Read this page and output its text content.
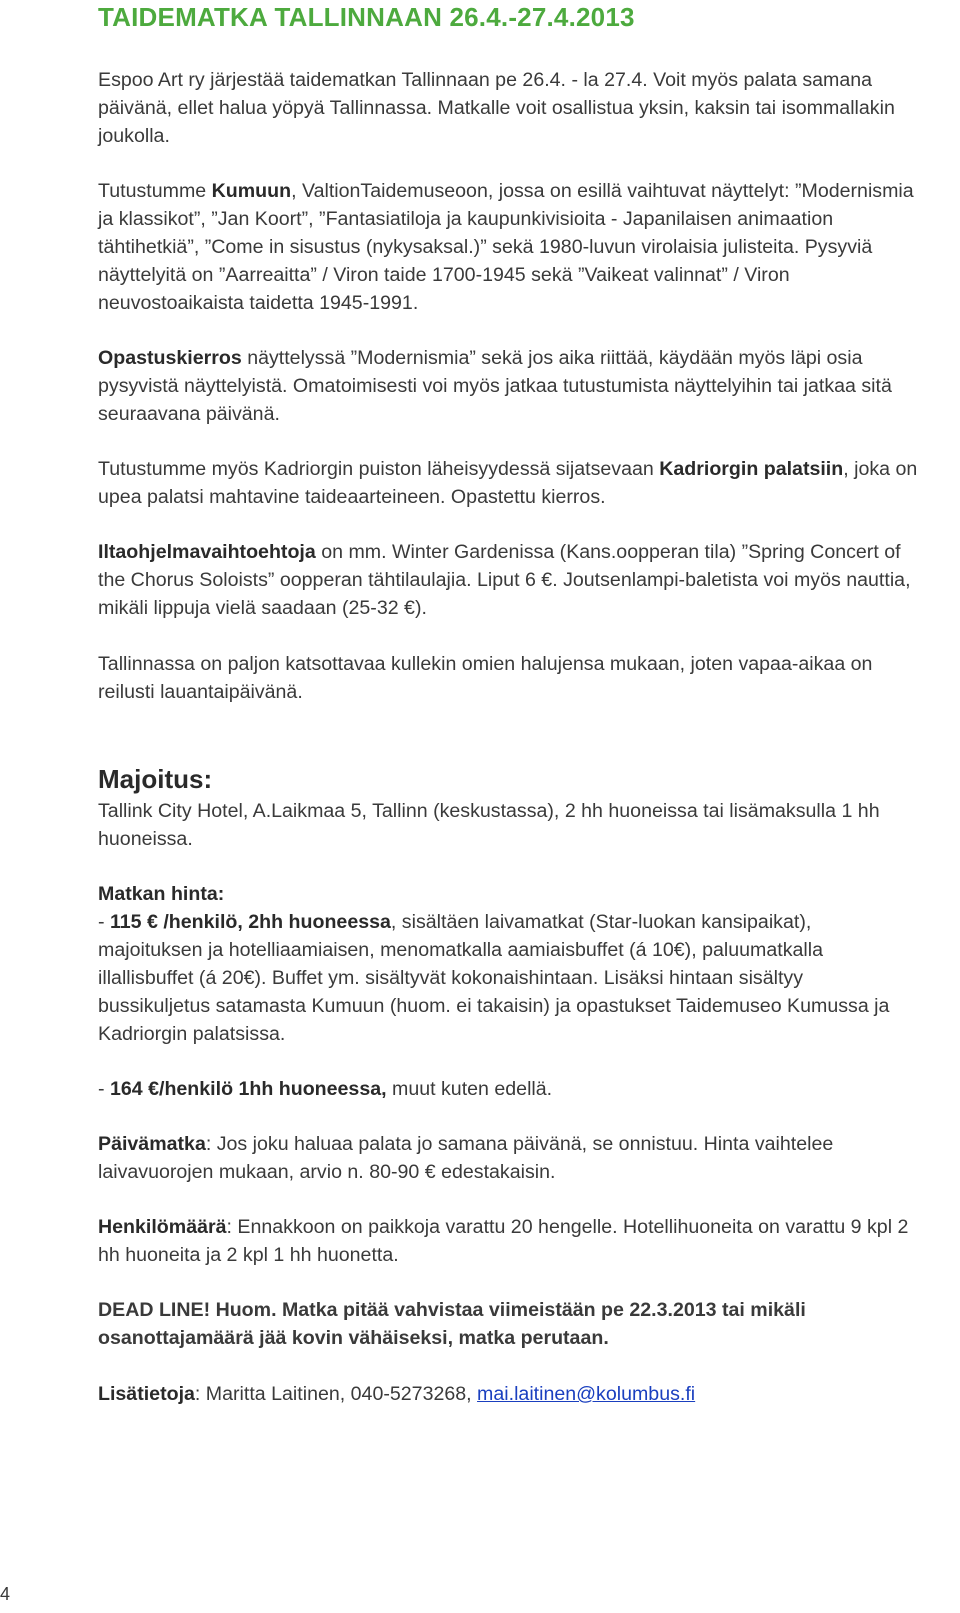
TAIDEMATKA TALLINNAAN 26.4.-27.4.2013

Espoo Art ry järjestää taidematkan Tallinnaan pe 26.4. - la 27.4. Voit myös palata samana päivänä, ellet halua yöpyä Tallinnassa. Matkalle voit osallistua yksin, kaksin tai isommallakin joukolla.

Tutustumme Kumuun, ValtionTaidemuseoon, jossa on esillä vaihtuvat näyttelyt: ”Modernismia ja klassikot”, ”Jan Koort”, ”Fantasiatiloja ja kaupunkivisioita - Japanilaisen animaation tähtihetkiä”, ”Come in sisustus (nykysaksal.)” sekä 1980-luvun virolaisia julisteita. Pysyviä näyttelyitä on ”Aarreaitta” / Viron taide 1700-1945 sekä ”Vaikeat valinnat” / Viron neuvostoaikaista taidetta 1945-1991.

Opastuskierros näyttelyssä ”Modernismia” sekä jos aika riittää, käydään myös läpi osia pysyvistä näyttelyistä. Omatoimisesti voi myös jatkaa tutustumista näyttelyihin tai jatkaa sitä seuraavana päivänä.

Tutustumme myös Kadriorgin puiston läheisyydessä sijatsevaan Kadriorgin palatsiin, joka on upea palatsi mahtavine taideaarteineen. Opastettu kierros.

Iltaohjelmavaihtoehtoja on mm. Winter Gardenissa (Kans.oopperan tila) ”Spring Concert of the Chorus Soloists” oopperan tähtilaulajia. Liput 6 €. Joutsenlampi-baletista voi myös nauttia, mikäli lippuja vielä saadaan (25-32 €).

Tallinnassa on paljon katsottavaa kullekin omien halujensa mukaan, joten vapaa-aikaa on reilusti lauantaipäivänä.

Majoitus:

Tallink City Hotel, A.Laikmaa 5, Tallinn (keskustassa), 2 hh huoneissa tai lisämaksulla 1 hh huoneissa.

Matkan hinta:

- 115 € /henkilö, 2hh huoneessa, sisältäen laivamatkat (Star-luokan kansipaikat), majoituksen ja hotelliaamiaisen, menomatkalla aamiaisbuffet (á 10€), paluumatkalla illallisbuffet (á 20€). Buffet ym. sisältyvät kokonaishintaan. Lisäksi hintaan sisältyy bussikuljetus satamasta Kumuun (huom. ei takaisin) ja opastukset Taidemuseo Kumussa ja Kadriorgin palatsissa.

- 164 €/henkilö 1hh huoneessa, muut kuten edellä.

Päivämatka: Jos joku haluaa palata jo samana päivänä, se onnistuu. Hinta vaihtelee laivavuorojen mukaan, arvio n. 80-90 € edestakaisin.

Henkilömäärä: Ennakkoon on paikkoja varattu 20 hengelle. Hotellihuoneita on varattu 9 kpl 2 hh huoneita ja 2 kpl 1 hh huonetta.

DEAD LINE! Huom. Matka pitää vahvistaa viimeistään pe 22.3.2013 tai mikäli osanottajamäärä jää kovin vähäiseksi, matka perutaan.

Lisätietoja: Maritta Laitinen, 040-5273268, mai.laitinen@kolumbus.fi

4
